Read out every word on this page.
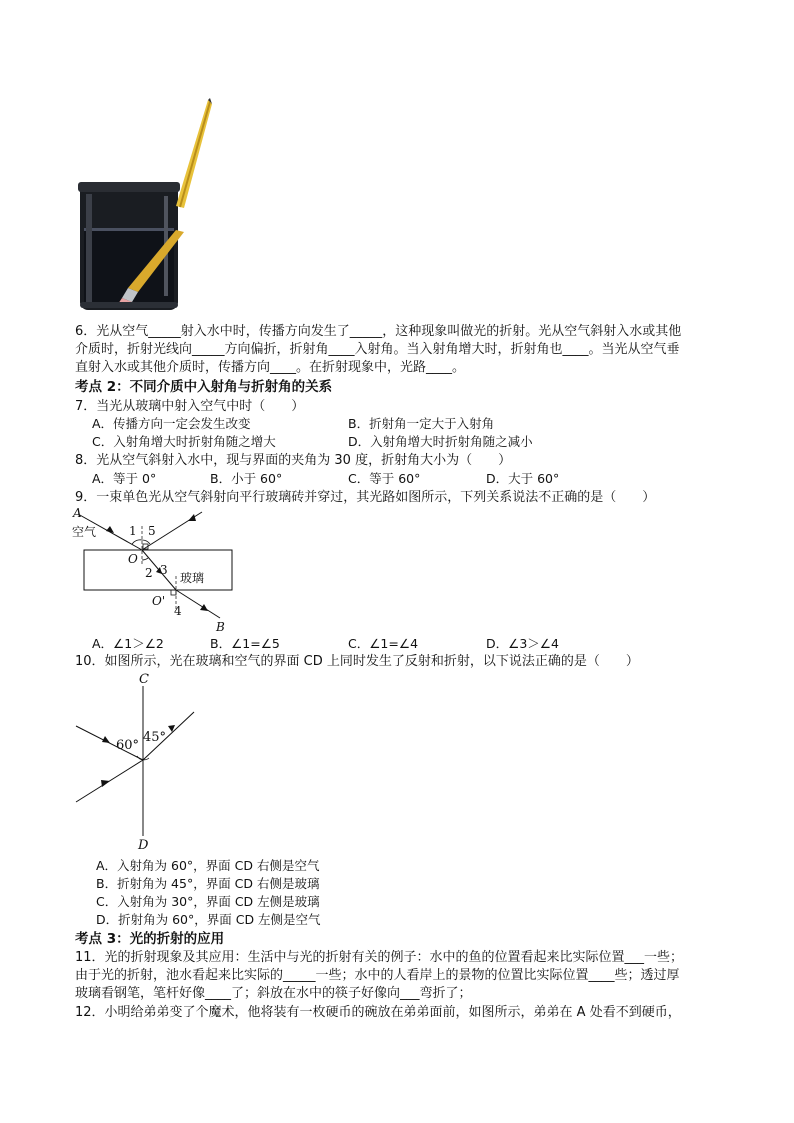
6．光从空气_____射入水中时，传播方向发生了_____，这种现象叫做光的折射。光从空气斜射入水或其他
介质时，折射光线向_____方向偏折，折射角____入射角。当入射角增大时，折射角也____。当光从空气垂
直射入水或其他介质时，传播方向____。在折射现象中，光路____。
考点 2：不同介质中入射角与折射角的关系
7．当光从玻璃中射入空气中时（　　）
A．传播方向一定会发生改变	B．折射角一定大于入射角
C．入射角增大时折射角随之增大	D．入射角增大时折射角随之减小
8．光从空气斜射入水中，现与界面的夹角为 30 度，折射角大小为（　　）
A．等于 0°	B．小于 60°	C．等于 60°	D．大于 60°
9．一束单色光从空气斜射向平行玻璃砖并穿过，其光路如图所示，下列关系说法不正确的是（　　）
A
空气	1 5
O
2 3
玻璃
O'
4
B
A．∠1＞∠2	B．∠1=∠5	C．∠1=∠4	D．∠3＞∠4
10．如图所示，光在玻璃和空气的界面 CD 上同时发生了反射和折射，以下说法正确的是（　　）
C
60°
45°
D
A．入射角为 60°，界面 CD 右侧是空气
B．折射角为 45°，界面 CD 右侧是玻璃
C．入射角为 30°，界面 CD 左侧是玻璃
D．折射角为 60°，界面 CD 左侧是空气
考点 3：光的折射的应用
11．光的折射现象及其应用：生活中与光的折射有关的例子：水中的鱼的位置看起来比实际位置___一些；
由于光的折射，池水看起来比实际的_____一些；水中的人看岸上的景物的位置比实际位置____些；透过厚
玻璃看钢笔，笔杆好像____了；斜放在水中的筷子好像向___弯折了；
12．小明给弟弟变了个魔术，他将装有一枚硬币的碗放在弟弟面前，如图所示，弟弟在 A 处看不到硬币，
